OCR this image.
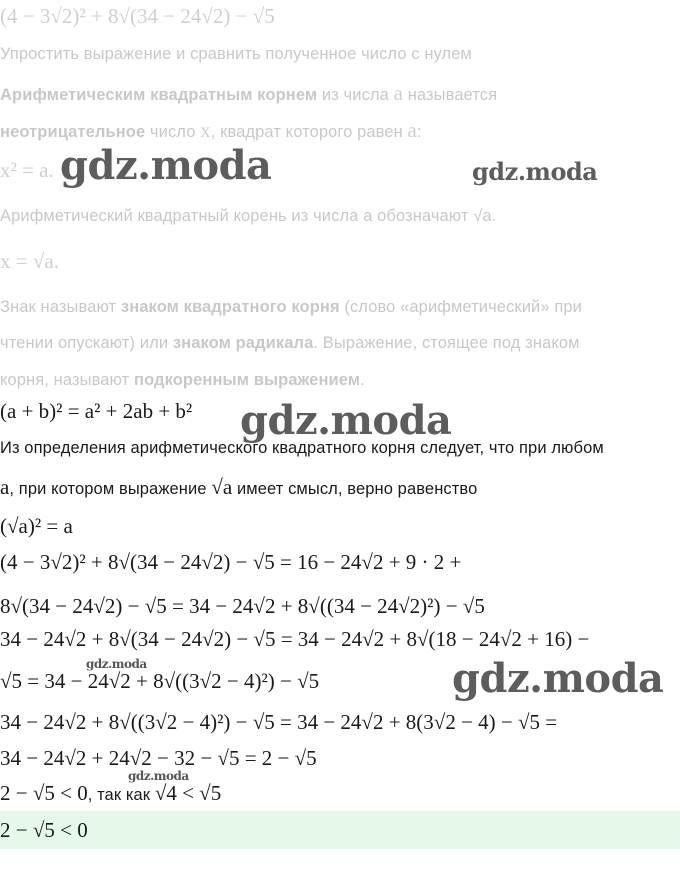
(4 − 3√2)² + 8√(34 − 24√2) − √5
Упростить выражение и сравнить полученное число с нулем
Арифметическим квадратным корнем из числа a называется
неотрицательное число x, квадрат которого равен a:
x² = a.
Арифметический квадратный корень из числа a обозначают √a.
x = √a.
Знак называют знаком квадратного корня (слово «арифметический» при
чтении опускают) или знаком радикала. Выражение, стоящее под знаком
корня, называют подкоренным выражением.
(a + b)² = a² + 2ab + b²
Из определения арифметического квадратного корня следует, что при любом
a, при котором выражение √a имеет смысл, верно равенство
(√a)² = a
(4 − 3√2)² + 8√(34 − 24√2) − √5 = 16 − 24√2 + 9 · 2 +
8√(34 − 24√2) − √5 = 34 − 24√2 + 8√((34 − 24√2)²) − √5
34 − 24√2 + 8√(34 − 24√2) − √5 = 34 − 24√2 + 8√(18 − 24√2 + 16) −
√5 = 34 − 24√2 + 8√((3√2 − 4)²) − √5
34 − 24√2 + 8√((3√2 − 4)²) − √5 = 34 − 24√2 + 8(3√2 − 4) − √5 =
34 − 24√2 + 24√2 − 32 − √5 = 2 − √5
2 − √5 < 0, так как √4 < √5
2 − √5 < 0
gdz.moda	gdz.moda
gdz.moda
gdz.moda	gdz.moda
gdz.moda
